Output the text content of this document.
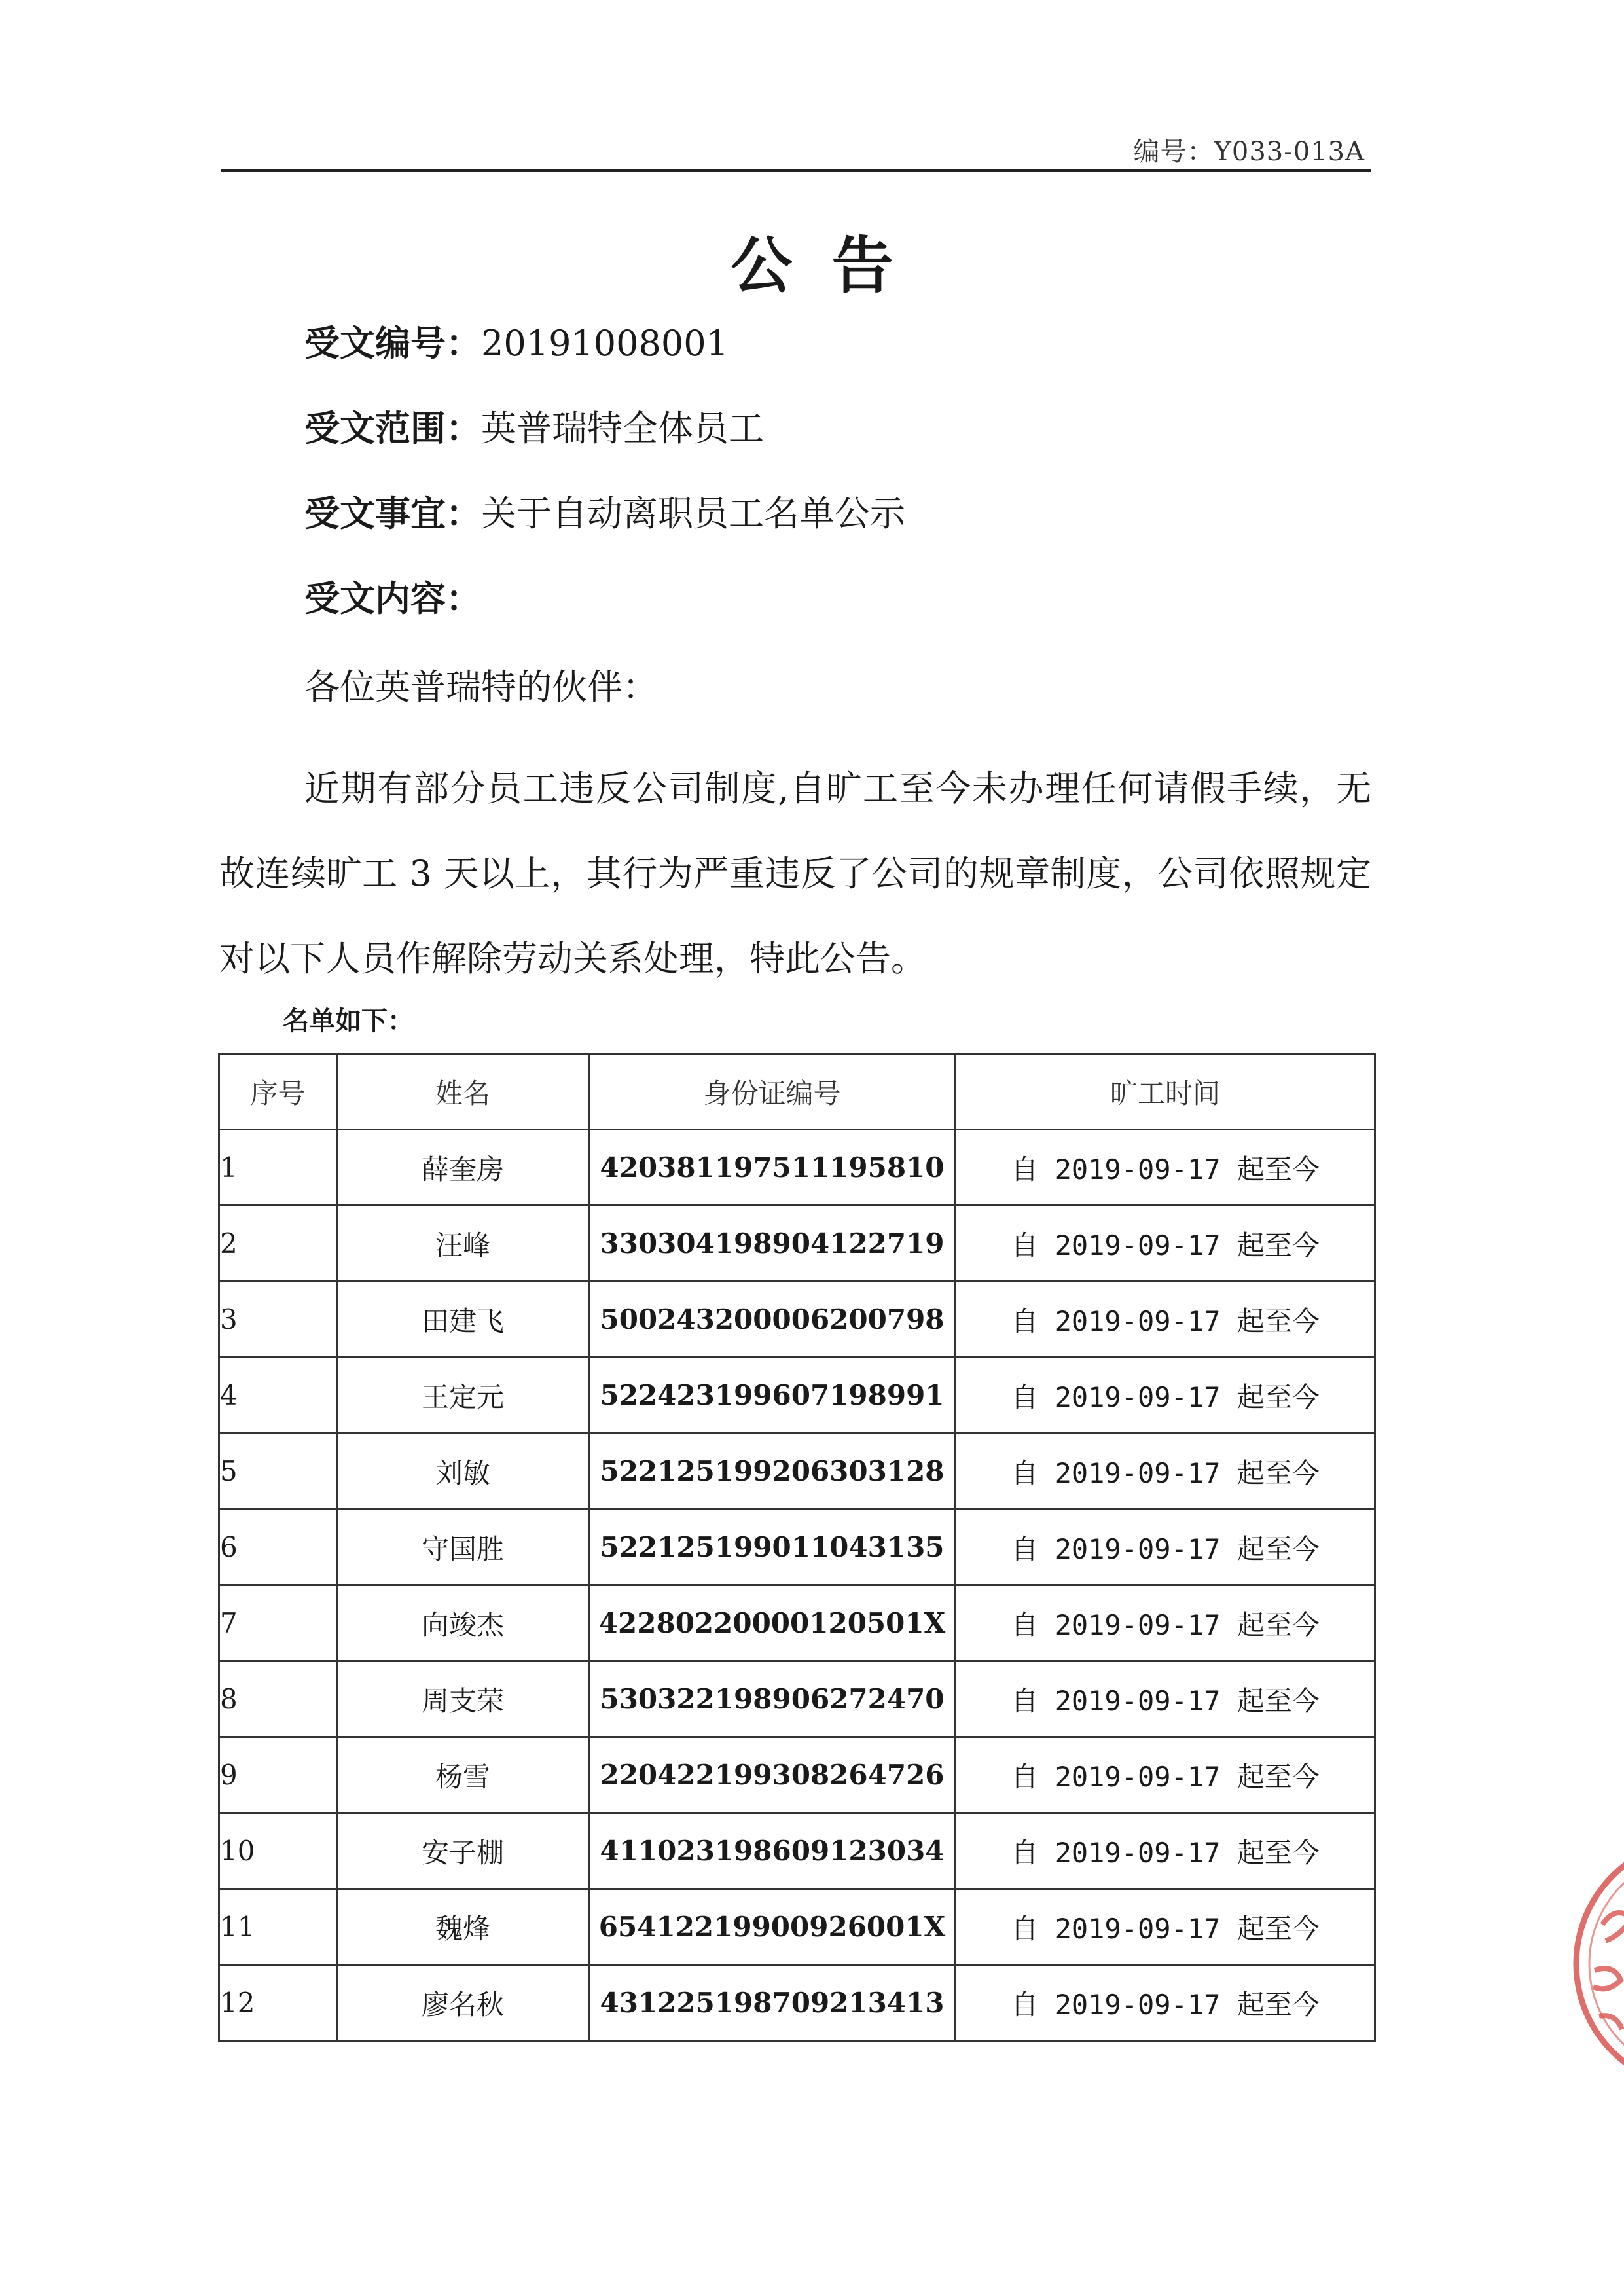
编号：Y033-013A
公告
受文编号：20191008001
受文范围：英普瑞特全体员工
受文事宜：关于自动离职员工名单公示
受文内容：
各位英普瑞特的伙伴：
近期有部分员工违反公司制度,自旷工至今未办理任何请假手续，无故连续旷工 3 天以上，其行为严重违反了公司的规章制度，公司依照规定对以下人员作解除劳动关系处理，特此公告。
名单如下：
序号	姓名	身份证编号	旷工时间
1	薛奎房	420381197511195810	自 2019-09-17 起至今
2	汪峰	330304198904122719	自 2019-09-17 起至今
3	田建飞	500243200006200798	自 2019-09-17 起至今
4	王定元	522423199607198991	自 2019-09-17 起至今
5	刘敏	522125199206303128	自 2019-09-17 起至今
6	守国胜	522125199011043135	自 2019-09-17 起至今
7	向竣杰	42280220000120501X	自 2019-09-17 起至今
8	周支荣	530322198906272470	自 2019-09-17 起至今
9	杨雪	220422199308264726	自 2019-09-17 起至今
10	安子棚	411023198609123034	自 2019-09-17 起至今
11	魏烽	65412219900926001X	自 2019-09-17 起至今
12	廖名秋	431225198709213413	自 2019-09-17 起至今
